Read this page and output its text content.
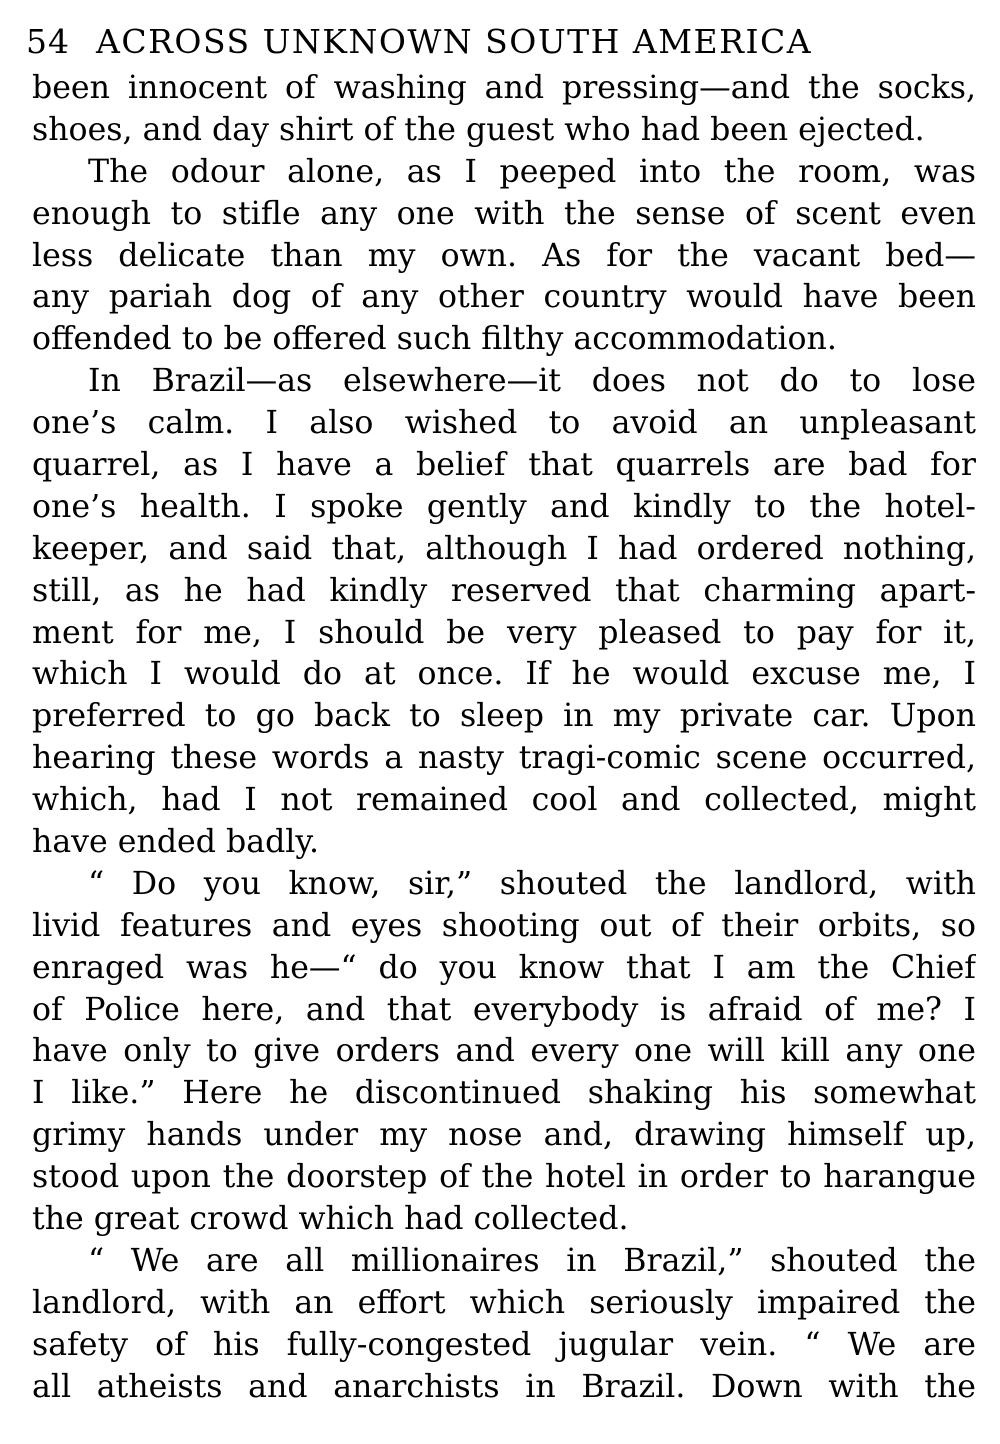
54 ACROSS UNKNOWN SOUTH AMERICA
been innocent of washing and pressing—and the socks,
shoes, and day shirt of the guest who had been ejected.
The odour alone, as I peeped into the room, was
enough to stifle any one with the sense of scent even
less delicate than my own. As for the vacant bed—
any pariah dog of any other country would have been
offended to be offered such filthy accommodation.
In Brazil—as elsewhere—it does not do to lose
one’s calm. I also wished to avoid an unpleasant
quarrel, as I have a belief that quarrels are bad for
one’s health. I spoke gently and kindly to the hotel-
keeper, and said that, although I had ordered nothing,
still, as he had kindly reserved that charming apart-
ment for me, I should be very pleased to pay for it,
which I would do at once. If he would excuse me, I
preferred to go back to sleep in my private car. Upon
hearing these words a nasty tragi-comic scene occurred,
which, had I not remained cool and collected, might
have ended badly.
“ Do you know, sir,” shouted the landlord, with
livid features and eyes shooting out of their orbits, so
enraged was he—“ do you know that I am the Chief
of Police here, and that everybody is afraid of me? I
have only to give orders and every one will kill any one
I like.” Here he discontinued shaking his somewhat
grimy hands under my nose and, drawing himself up,
stood upon the doorstep of the hotel in order to harangue
the great crowd which had collected.
“ We are all millionaires in Brazil,” shouted the
landlord, with an effort which seriously impaired the
safety of his fully-congested jugular vein. “ We are
all atheists and anarchists in Brazil. Down with the
